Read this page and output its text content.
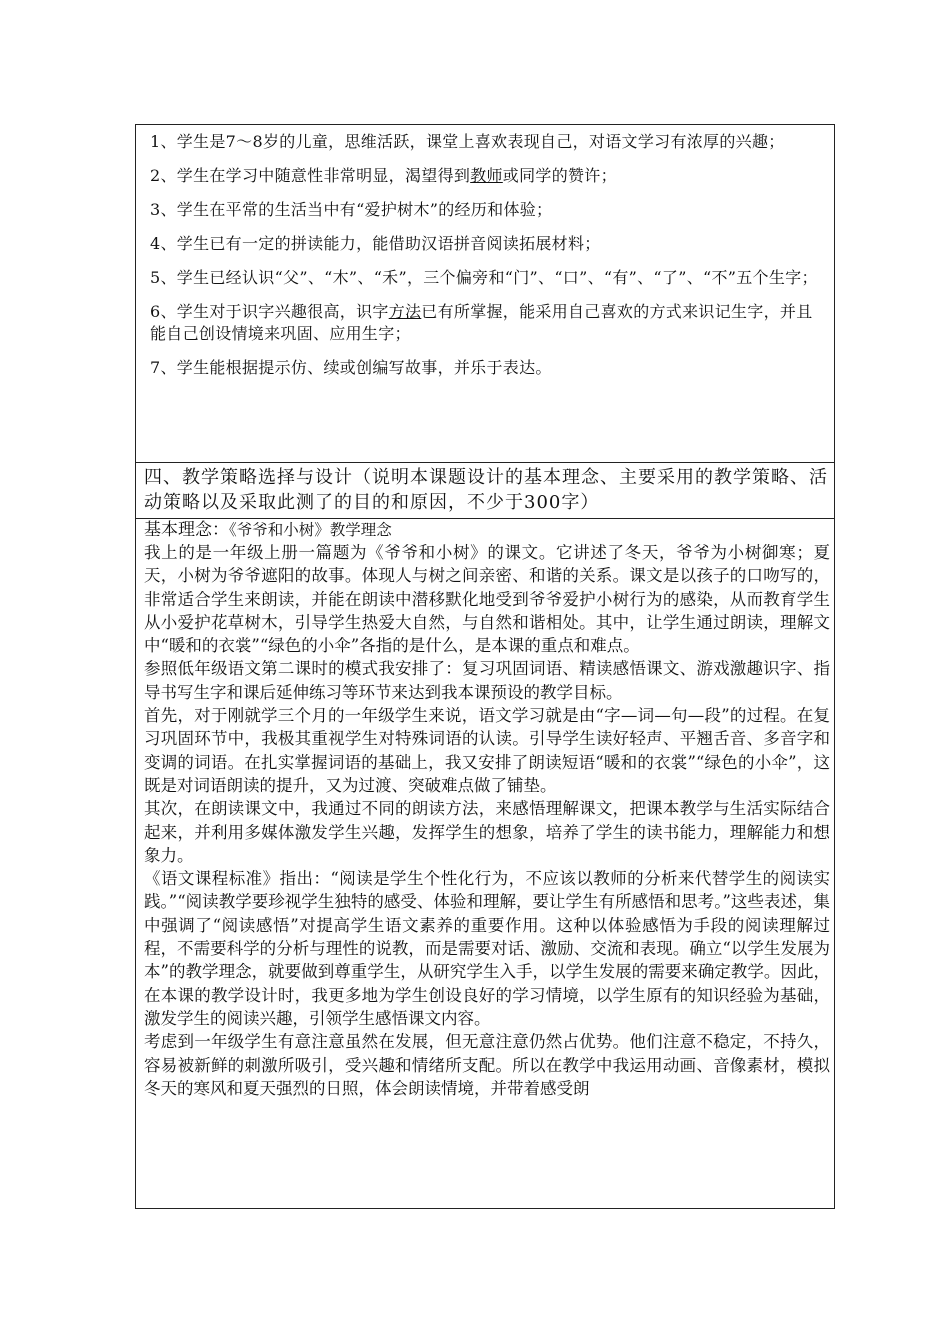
1、学生是7～8岁的儿童，思维活跃，课堂上喜欢表现自己，对语文学习有浓厚的兴趣；
2、学生在学习中随意性非常明显，渴望得到教师或同学的赞许；
3、学生在平常的生活当中有“爱护树木”的经历和体验；
4、学生已有一定的拼读能力，能借助汉语拼音阅读拓展材料；
5、学生已经认识“父”、“木”、“禾”，三个偏旁和“门”、“口”、“有”、“了”、“不”五个生字；
6、学生对于识字兴趣很高，识字方法已有所掌握，能采用自己喜欢的方式来识记生字，并且能自己创设情境来巩固、应用生字；
7、学生能根据提示仿、续或创编写故事，并乐于表达。
四、教学策略选择与设计（说明本课题设计的基本理念、主要采用的教学策略、活动策略以及采取此测了的目的和原因，不少于300字）

基本理念：《爷爷和小树》教学理念

我上的是一年级上册一篇题为《爷爷和小树》的课文。它讲述了冬天，爷爷为小树御寒；夏天，小树为爷爷遮阳的故事。体现人与树之间亲密、和谐的关系。课文是以孩子的口吻写的，非常适合学生来朗读，并能在朗读中潜移默化地受到爷爷爱护小树行为的感染，从而教育学生从小爱护花草树木，引导学生热爱大自然，与自然和谐相处。其中，让学生通过朗读，理解文中“暖和的衣裳”“绿色的小伞”各指的是什么，是本课的重点和难点。

参照低年级语文第二课时的模式我安排了：复习巩固词语、精读感悟课文、游戏激趣识字、指导书写生字和课后延伸练习等环节来达到我本课预设的教学目标。

首先，对于刚就学三个月的一年级学生来说，语文学习就是由“字—词—句—段”的过程。在复习巩固环节中，我极其重视学生对特殊词语的认读。引导学生读好轻声、平翘舌音、多音字和变调的词语。在扎实掌握词语的基础上，我又安排了朗读短语“暖和的衣裳”“绿色的小伞”，这既是对词语朗读的提升，又为过渡、突破难点做了铺垫。

其次，在朗读课文中，我通过不同的朗读方法，来感悟理解课文，把课本教学与生活实际结合起来，并利用多媒体激发学生兴趣，发挥学生的想象，培养了学生的读书能力，理解能力和想象力。

《语文课程标准》指出：“阅读是学生个性化行为，不应该以教师的分析来代替学生的阅读实践。”“阅读教学要珍视学生独特的感受、体验和理解，要让学生有所感悟和思考。”这些表述，集中强调了“阅读感悟”对提高学生语文素养的重要作用。这种以体验感悟为手段的阅读理解过程，不需要科学的分析与理性的说教，而是需要对话、激励、交流和表现。确立“以学生发展为本”的教学理念，就要做到尊重学生，从研究学生入手，以学生发展的需要来确定教学。因此，在本课的教学设计时，我更多地为学生创设良好的学习情境，以学生原有的知识经验为基础，激发学生的阅读兴趣，引领学生感悟课文内容。

考虑到一年级学生有意注意虽然在发展，但无意注意仍然占优势。他们注意不稳定，不持久，容易被新鲜的刺激所吸引，受兴趣和情绪所支配。所以在教学中我运用动画、音像素材，模拟冬天的寒风和夏天强烈的日照，体会朗读情境，并带着感受朗
